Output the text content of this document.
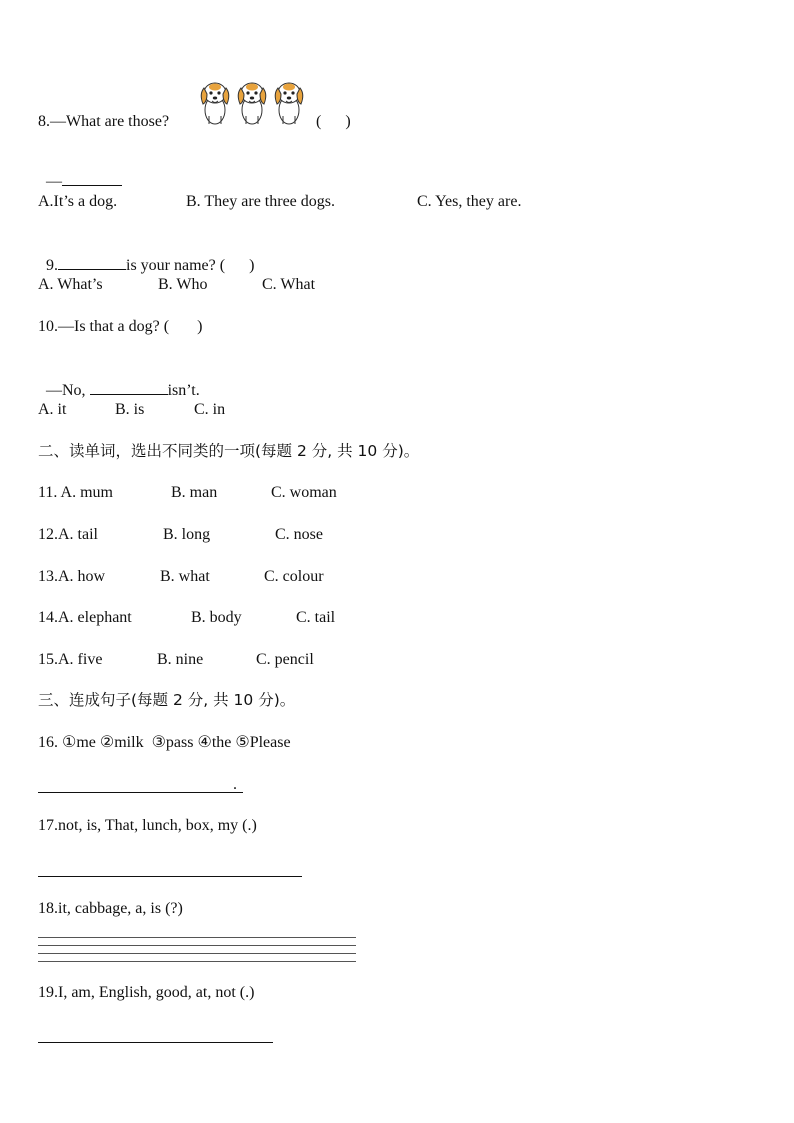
8.—What are those?	(      )

—

A.It’s a dog.	B. They are three dogs.	C. Yes, they are.

9.	is your name? (      )

A. What’s	B. Who	C. What
10.—Is that a dog? (       )

—No,	isn’t.

A. it	B. is	C. in
二、读单词，选出不同类的一项(每题 2 分, 共 10 分)。
11. A. mum	B. man	C. woman
12.A. tail	B. long	C. nose
13.A. how	B. what	C. colour
14.A. elephant	B. body	C. tail
15.A. five	B. nine	C. pencil
三、连成句子(每题 2 分, 共 10 分)。
16. ①me ②milk  ③pass ④the ⑤Please
.
17.not, is, That, lunch, box, my (.)
18.it, cabbage, a, is (?)
19.I, am, English, good, at, not (.)
